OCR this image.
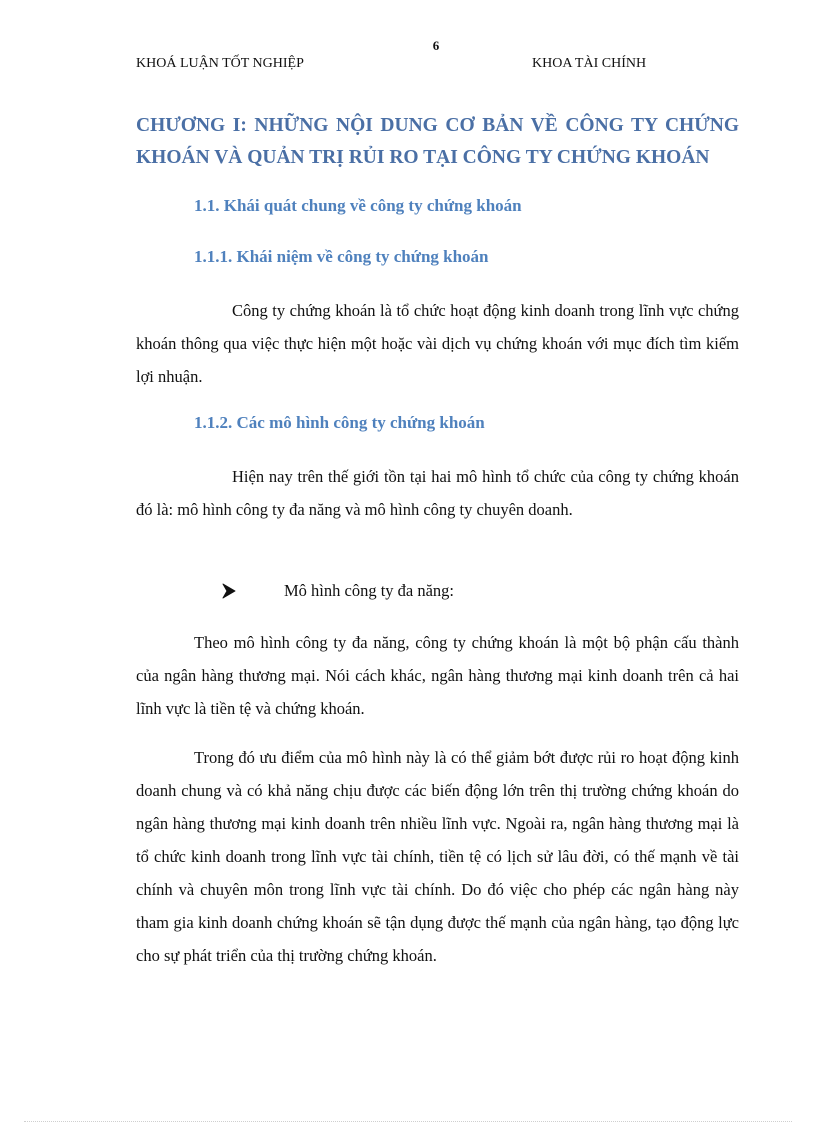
6
KHOÁ LUẬN TỐT NGHIỆP	KHOA TÀI CHÍNH
CHƯƠNG I: NHỮNG NỘI DUNG CƠ BẢN VỀ CÔNG TY CHỨNG KHOÁN VÀ QUẢN TRỊ RỦI RO TẠI CÔNG TY CHỨNG KHOÁN
1.1. Khái quát chung về công ty chứng khoán
1.1.1. Khái niệm về công ty chứng khoán

Công ty chứng khoán là tổ chức hoạt động kinh doanh trong lĩnh vực chứng khoán thông qua việc thực hiện một hoặc vài dịch vụ chứng khoán với mục đích tìm kiếm lợi nhuận.

1.1.2. Các mô hình công ty chứng khoán

Hiện nay trên thế giới tồn tại hai mô hình tổ chức của công ty chứng khoán đó là: mô hình công ty đa năng và mô hình công ty chuyên doanh.

Mô hình công ty đa năng:

Theo mô hình công ty đa năng, công ty chứng khoán là một bộ phận cấu thành của ngân hàng thương mại. Nói cách khác, ngân hàng thương mại kinh doanh trên cả hai lĩnh vực là tiền tệ và chứng khoán.

Trong đó ưu điểm của mô hình này là có thể giảm bớt được rủi ro hoạt động kinh doanh chung và có khả năng chịu được các biến động lớn trên thị trường chứng khoán do ngân hàng thương mại kinh doanh trên nhiều lĩnh vực. Ngoài ra, ngân hàng thương mại là tổ chức kinh doanh trong lĩnh vực tài chính, tiền tệ có lịch sử lâu đời, có thế mạnh về tài chính và chuyên môn trong lĩnh vực tài chính. Do đó việc cho phép các ngân hàng này tham gia kinh doanh chứng khoán sẽ tận dụng được thế mạnh của ngân hàng, tạo động lực cho sự phát triển của thị trường chứng khoán.
